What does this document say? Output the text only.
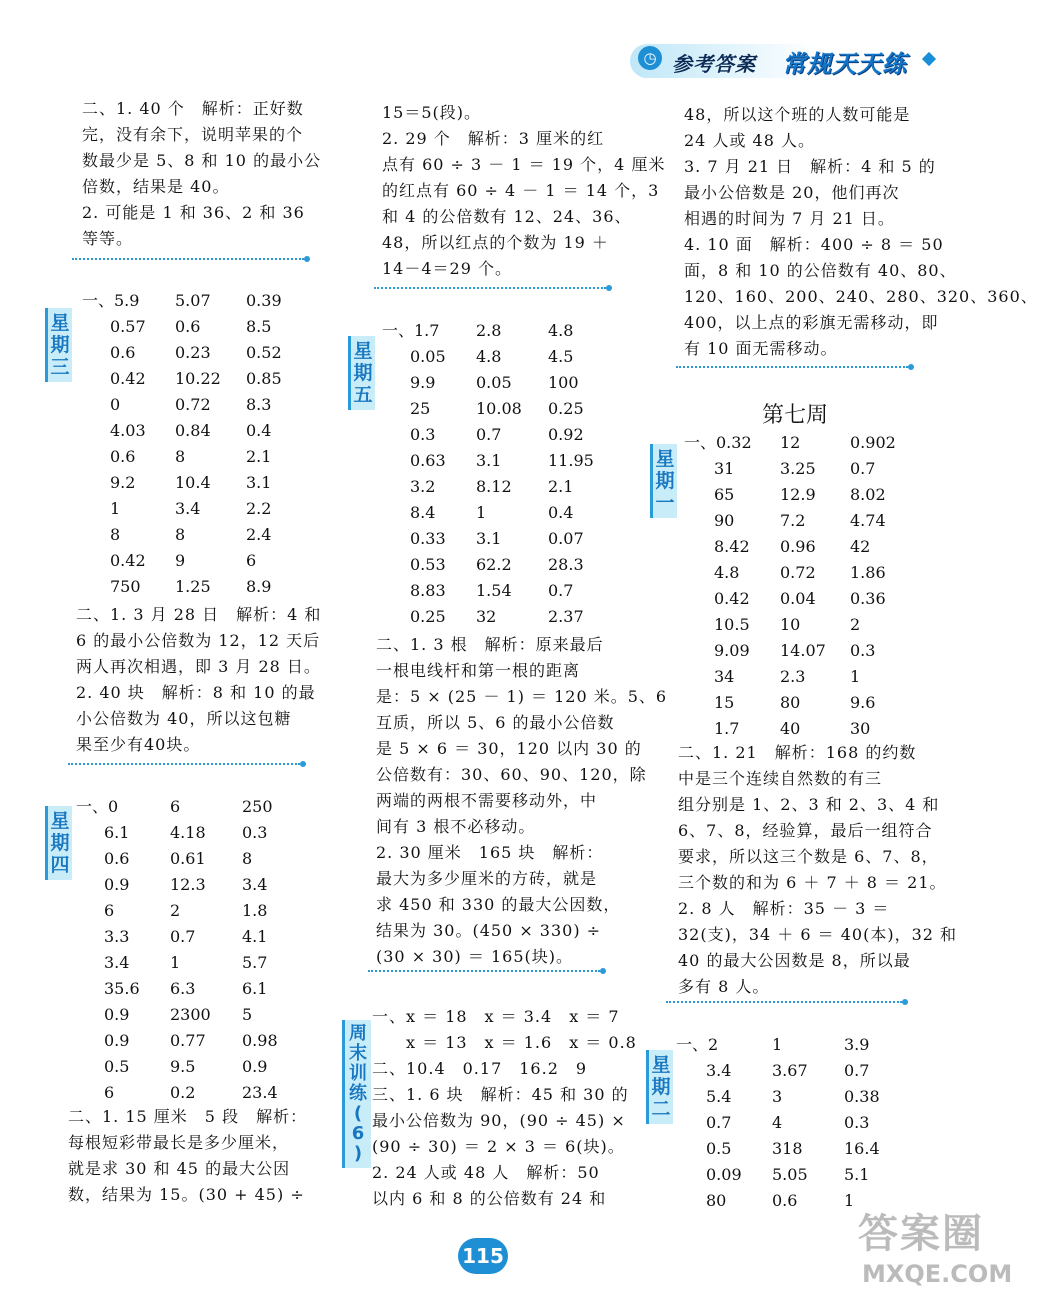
◷ 参考答案 常规天天练
星
期
三
一、5.9 5.07 0.39
0.57 0.6	8.5
0.6 0.23 0.52
0.42 10.22 0.85
0	0.72 8.3
4.03 0.84 0.4
0.6 8	2.1
9.2 10.4 3.1
1	3.4	2.2
8	8	2.4
0.42 9	6
750 1.25 8.9
星
期
四
一、0	6	250
6.1	4.18 0.3
0.6	0.61 8
0.9	12.3 3.4
6	2	1.8
3.3	0.7	4.1
3.4	1	5.7
35.6 6.3	6.1
0.9	2300 5
0.9	0.77 0.98
0.5	9.5	0.9
6	0.2	23.4
星
期
五
一、1.7 2.8	4.8
0.05 4.8	4.5
9.9	0.05 100
25	10.08 0.25
0.3	0.7	0.92
0.63 3.1	11.95
3.2	8.12 2.1
8.4	1	0.4
0.33 3.1	0.07
0.53 62.2 28.3
8.83 1.54 0.7
0.25 32	2.37
周
末
训
练
(
6
)
第七周
星
期
一
一、0.32 12	0.902
31	3.25 0.7
65	12.9 8.02
90	7.2	4.74
8.42 0.96 42
4.8	0.72 1.86
0.42 0.04 0.36
10.5 10	2
9.09 14.07 0.3
34	2.3	1
15	80	9.6
1.7	40	30
星
期
二
一、2	1	3.9
3.4	3.67 0.7
5.4	3	0.38
0.7	4	0.3
0.5	318	16.4
0.09 5.05 5.1
80	0.6	1
115	答案圈
MXQE.COM
二、1. 40 个　解析：正好数
完，没有余下，说明苹果的个
数最少是 5、8 和 10 的最小公
倍数，结果是 40。
2. 可能是 1 和 36、2 和 36
等等。
二、1. 3 月 28 日　解析：4 和
6 的最小公倍数为 12，12 天后
两人再次相遇，即 3 月 28 日。
2. 40 块　解析：8 和 10 的最
小公倍数为 40，所以这包糖
果至少有40块。
二、1. 15 厘米　5 段　解析：
每根短彩带最长是多少厘米，
就是求 30 和 45 的最大公因
数，结果为 15。(30 + 45) ÷
15＝5(段)。
2. 29 个　解析：3 厘米的红
点有 60 ÷ 3 － 1 ＝ 19 个，4 厘米
的红点有 60 ÷ 4 － 1 ＝ 14 个，3
和 4 的公倍数有 12、24、36、
48，所以红点的个数为 19 ＋
14－4＝29 个。
二、1. 3 根　解析：原来最后
一根电线杆和第一根的距离
是：5 × (25 － 1) ＝ 120 米。5、6
互质，所以 5、6 的最小公倍数
是 5 × 6 ＝ 30，120 以内 30 的
公倍数有：30、60、90、120，除
两端的两根不需要移动外，中
间有 3 根不必移动。
2. 30 厘米　165 块　解析：
最大为多少厘米的方砖，就是
求 450 和 330 的最大公因数，
结果为 30。(450 × 330) ÷
(30 × 30) ＝ 165(块)。
一、x ＝ 18　x ＝ 3.4　x ＝ 7
　　x ＝ 13　x ＝ 1.6　x ＝ 0.8
二、10.4　0.17　16.2　9
三、1. 6 块　解析：45 和 30 的
最小公倍数为 90，(90 ÷ 45) ×
(90 ÷ 30) ＝ 2 × 3 ＝ 6(块)。
2. 24 人或 48 人　解析：50
以内 6 和 8 的公倍数有 24 和
48，所以这个班的人数可能是
24 人或 48 人。
3. 7 月 21 日　解析：4 和 5 的
最小公倍数是 20，他们再次
相遇的时间为 7 月 21 日。
4. 10 面　解析：400 ÷ 8 ＝ 50
面，8 和 10 的公倍数有 40、80、
120、160、200、240、280、320、360、
400，以上点的彩旗无需移动，即
有 10 面无需移动。
二、1. 21　解析：168 的约数
中是三个连续自然数的有三
组分别是 1、2、3 和 2、3、4 和
6、7、8，经验算，最后一组符合
要求，所以这三个数是 6、7、8，
三个数的和为 6 ＋ 7 ＋ 8 ＝ 21。
2. 8 人　解析：35 － 3 ＝
32(支)，34 ＋ 6 ＝ 40(本)，32 和
40 的最大公因数是 8，所以最
多有 8 人。
